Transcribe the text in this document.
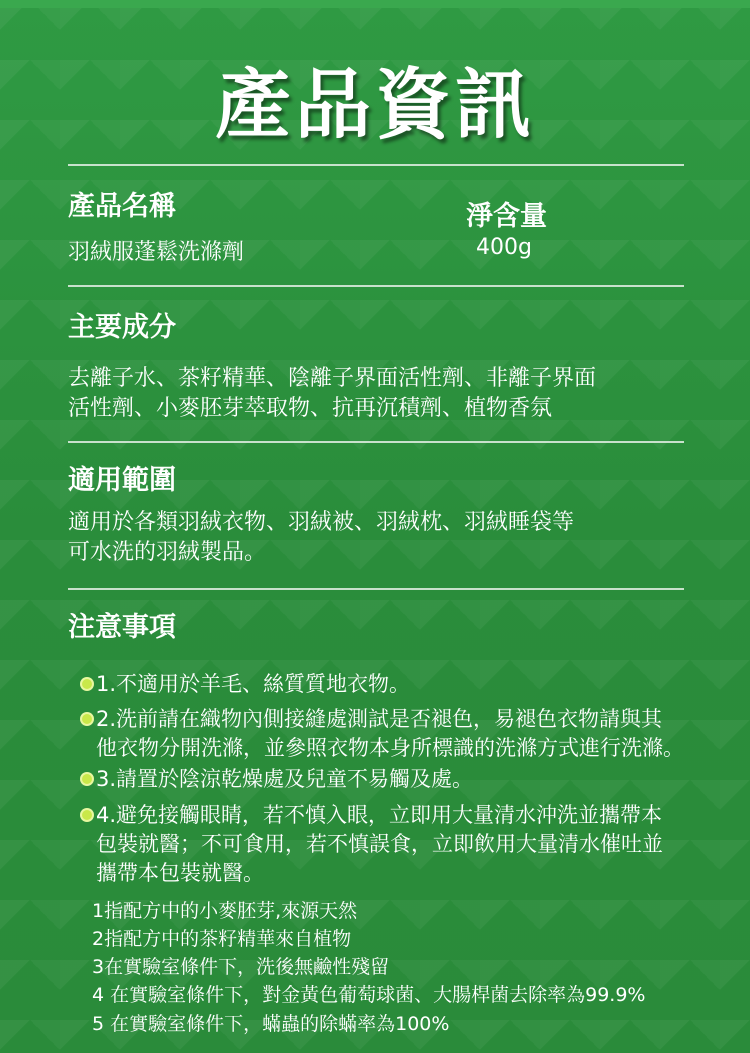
產品資訊
產品名稱
羽絨服蓬鬆洗滌劑
淨含量
400g
主要成分
去離子水、茶籽精華、陰離子界面活性劑、非離子界面
活性劑、小麥胚芽萃取物、抗再沉積劑、植物香氛
適用範圍
適用於各類羽絨衣物、羽絨被、羽絨枕、羽絨睡袋等
可水洗的羽絨製品。
注意事項
1.不適用於羊毛、絲質質地衣物。
2.洗前請在織物內側接縫處測試是否褪色，易褪色衣物請與其
他衣物分開洗滌，並參照衣物本身所標識的洗滌方式進行洗滌。
3.請置於陰涼乾燥處及兒童不易觸及處。
4.避免接觸眼睛，若不慎入眼，立即用大量清水沖洗並攜帶本
包裝就醫；不可食用，若不慎誤食，立即飲用大量清水催吐並
攜帶本包裝就醫。
1指配方中的小麥胚芽,來源天然
2指配方中的茶籽精華來自植物
3在實驗室條件下，洗後無鹼性殘留
4 在實驗室條件下，對金黃色葡萄球菌、大腸桿菌去除率為99.9%
5 在實驗室條件下，蟎蟲的除蟎率為100%
